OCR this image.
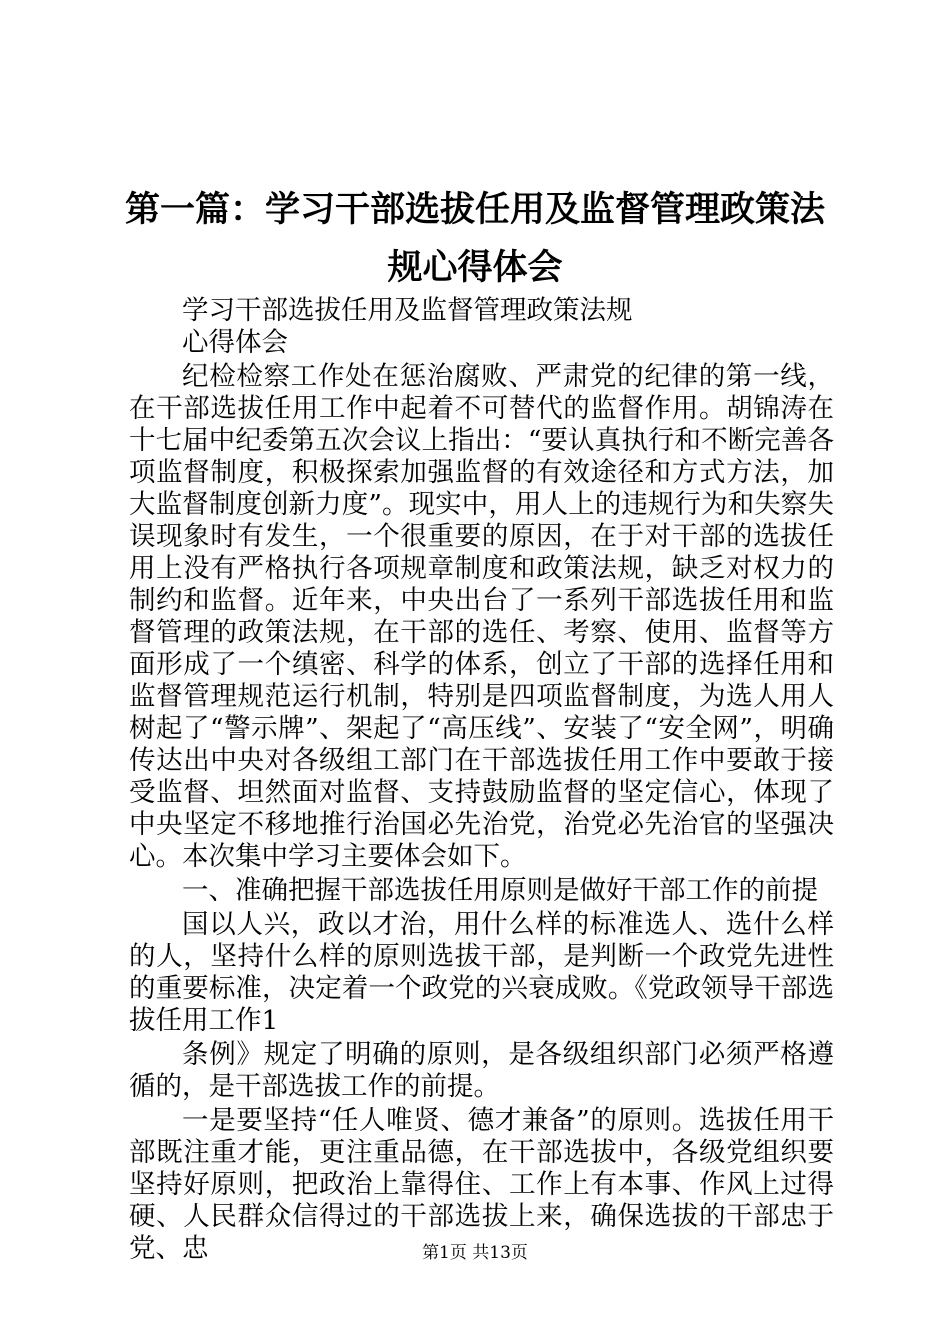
第一篇：学习干部选拔任用及监督管理政策法
规心得体会

学习干部选拔任用及监督管理政策法规

心得体会

纪检检察工作处在惩治腐败、严肃党的纪律的第一线，在干部选拔任用工作中起着不可替代的监督作用。胡锦涛在十七届中纪委第五次会议上指出：“要认真执行和不断完善各项监督制度，积极探索加强监督的有效途径和方式方法，加大监督制度创新力度”。现实中，用人上的违规行为和失察失误现象时有发生，一个很重要的原因，在于对干部的选拔任用上没有严格执行各项规章制度和政策法规，缺乏对权力的制约和监督。近年来，中央出台了一系列干部选拔任用和监督管理的政策法规，在干部的选任、考察、使用、监督等方面形成了一个缜密、科学的体系，创立了干部的选择任用和监督管理规范运行机制，特别是四项监督制度，为选人用人树起了“警示牌”、架起了“高压线”、安装了“安全网”，明确传达出中央对各级组工部门在干部选拔任用工作中要敢于接受监督、坦然面对监督、支持鼓励监督的坚定信心，体现了中央坚定不移地推行治国必先治党，治党必先治官的坚强决心。本次集中学习主要体会如下。

一、准确把握干部选拔任用原则是做好干部工作的前提

国以人兴，政以才治，用什么样的标准选人、选什么样的人，坚持什么样的原则选拔干部，是判断一个政党先进性的重要标准，决定着一个政党的兴衰成败。《党政领导干部选拔任用工作1

条例》规定了明确的原则，是各级组织部门必须严格遵循的，是干部选拔工作的前提。

一是要坚持“任人唯贤、德才兼备”的原则。选拔任用干部既注重才能，更注重品德，在干部选拔中，各级党组织要坚持好原则，把政治上靠得住、工作上有本事、作风上过得硬、人民群众信得过的干部选拔上来，确保选拔的干部忠于党、忠	第1页 共13页
